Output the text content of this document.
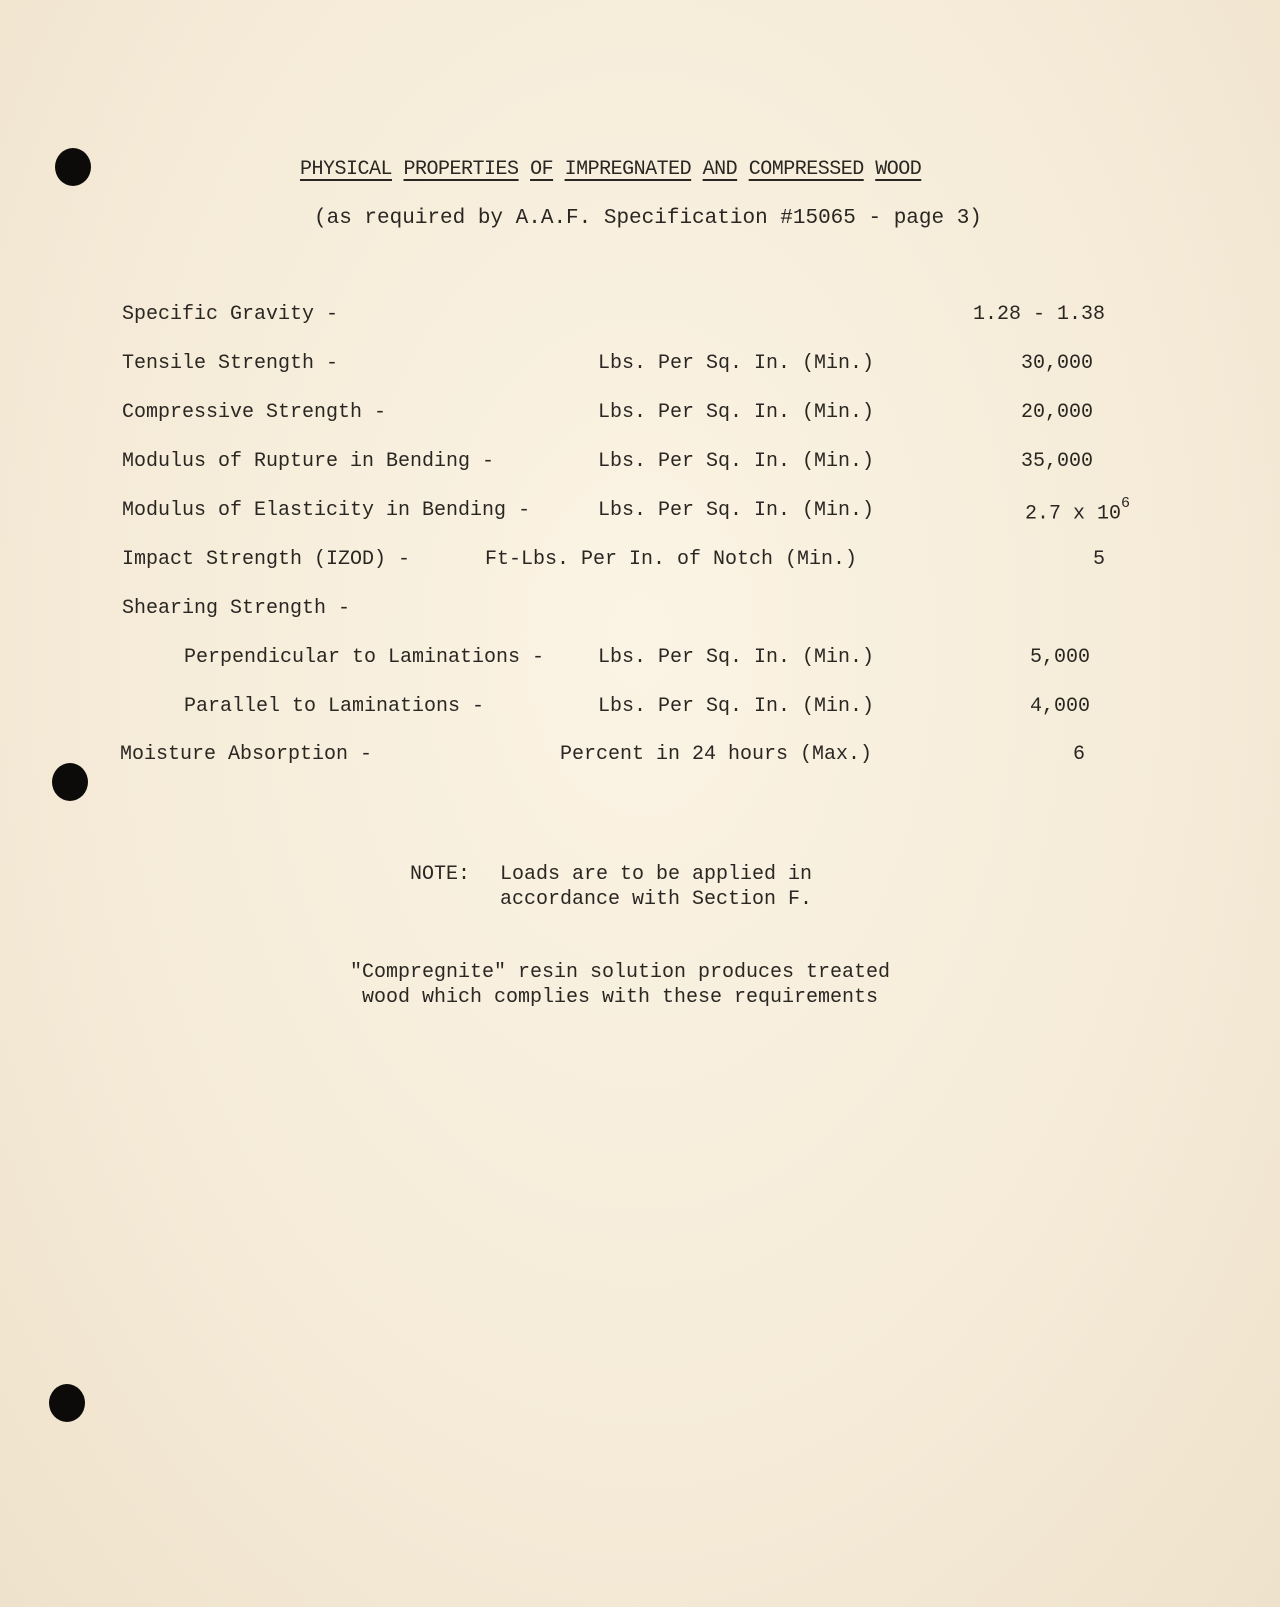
PHYSICAL PROPERTIES OF IMPREGNATED AND COMPRESSED WOOD
(as required by A.A.F. Specification #15065 - page 3)
Specific Gravity -	1.28 - 1.38
Tensile Strength -	Lbs. Per Sq. In. (Min.)	30,000
Compressive Strength -	Lbs. Per Sq. In. (Min.)	20,000
Modulus of Rupture in Bending -	Lbs. Per Sq. In. (Min.)	35,000
Modulus of Elasticity in Bending -	Lbs. Per Sq. In. (Min.)	2.7 x $10^6$
Impact Strength (IZOD) -	Ft-Lbs. Per In. of Notch (Min.)	5
Shearing Strength -
Perpendicular to Laminations -	Lbs. Per Sq. In. (Min.)	5,000
Parallel to Laminations -	Lbs. Per Sq. In. (Min.)	4,000
Moisture Absorption -	Percent in 24 hours (Max.)	6
NOTE: Loads are to be applied in
accordance with Section F.
"Compregnite" resin solution produces treated
wood which complies with these requirements
